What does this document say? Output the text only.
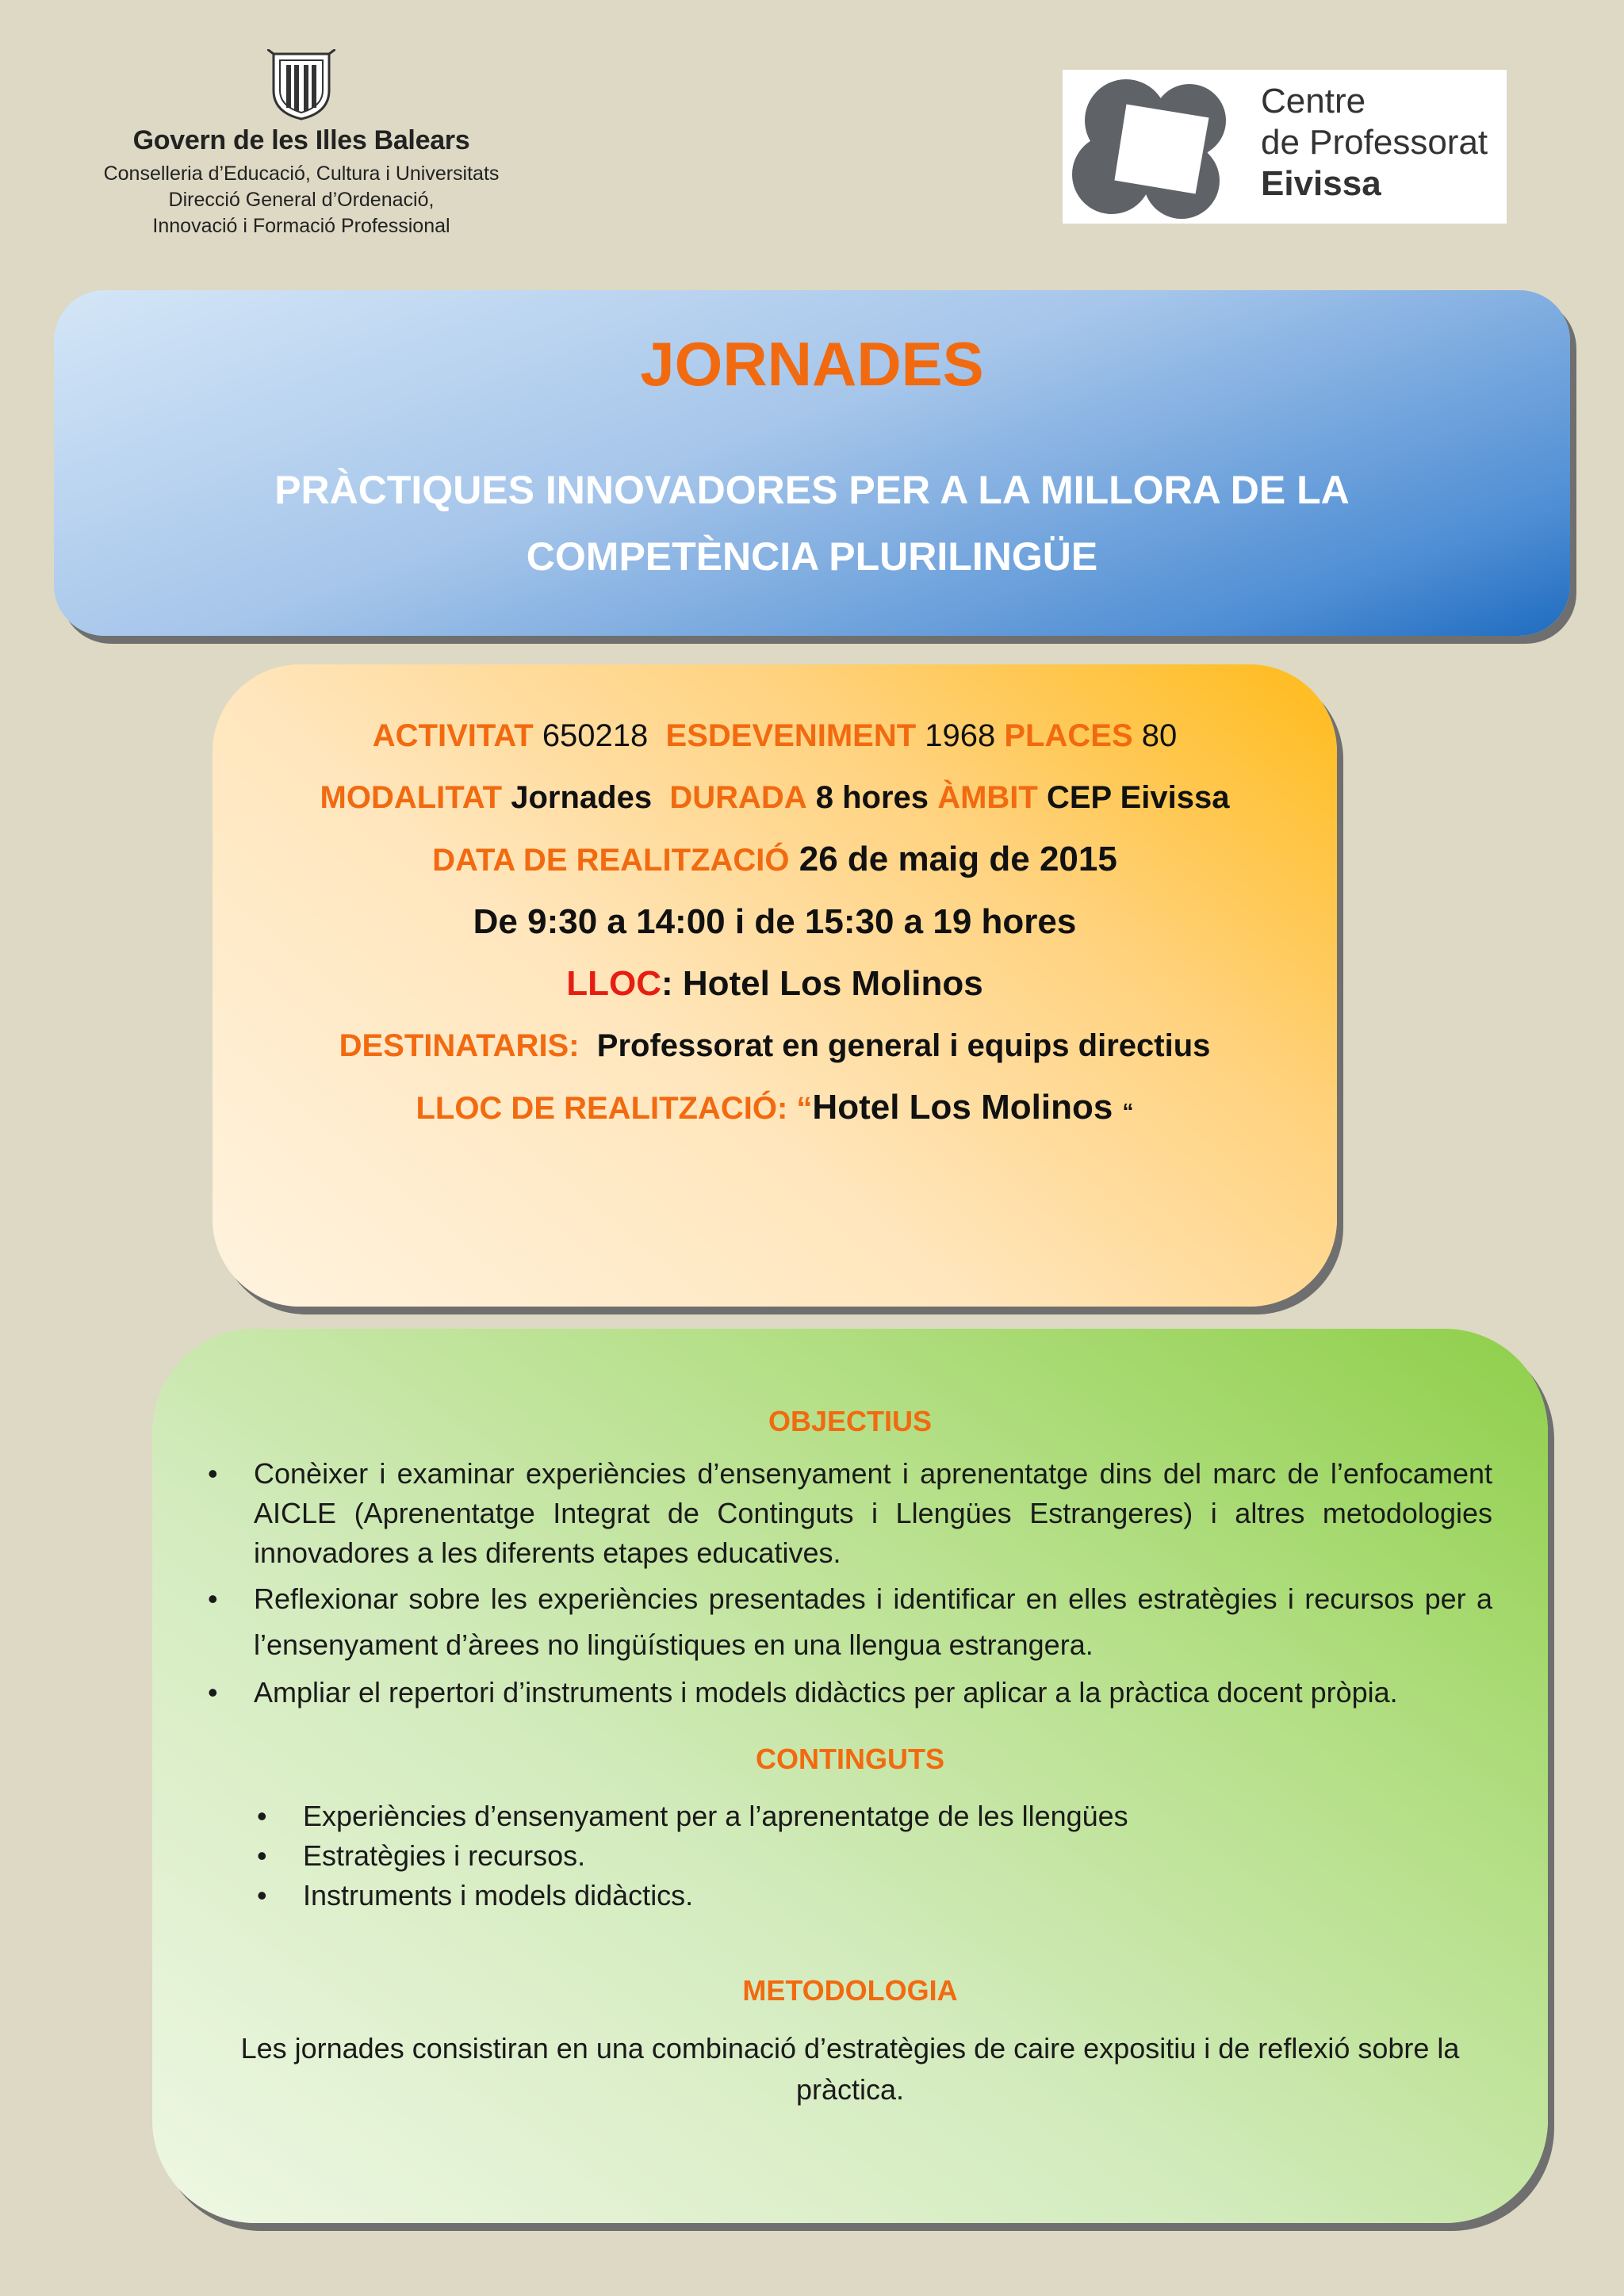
Govern de les Illes Balears
Conselleria d’Educació, Cultura i Universitats
Direcció General d’Ordenació,
Innovació i Formació Professional
Centre
de Professorat
Eivissa
JORNADES
PRÀCTIQUES INNOVADORES PER A LA MILLORA DE LA
COMPETÈNCIA PLURILINGÜE

ACTIVITAT 650218 ESDEVENIMENT 1968 PLACES 80

MODALITAT Jornades DURADA 8 hores ÀMBIT CEP Eivissa

DATA DE REALITZACIÓ 26 de maig de 2015

De 9:30 a 14:00 i de 15:30 a 19 hores

LLOC: Hotel Los Molinos

DESTINATARIS: Professorat en general i equips directius

LLOC DE REALITZACIÓ: “Hotel Los Molinos “

OBJECTIUS
• Conèixer i examinar experiències d’ensenyament i aprenentatge dins del marc de l’enfocament AICLE (Aprenentatge Integrat de Continguts i Llengües Estrangeres) i altres metodologies innovadores a les diferents etapes educatives.
• Reflexionar sobre les experiències presentades i identificar en elles estratègies i recursos per a l’ensenyament d’àrees no lingüístiques en una llengua estrangera.
• Ampliar el repertori d’instruments i models didàctics per aplicar a la pràctica docent pròpia.
CONTINGUTS
• Experiències d’ensenyament per a l’aprenentatge de les llengües
• Estratègies i recursos.
• Instruments i models didàctics.
METODOLOGIA

Les jornades consistiran en una combinació d’estratègies de caire expositiu i de reflexió sobre la pràctica.
